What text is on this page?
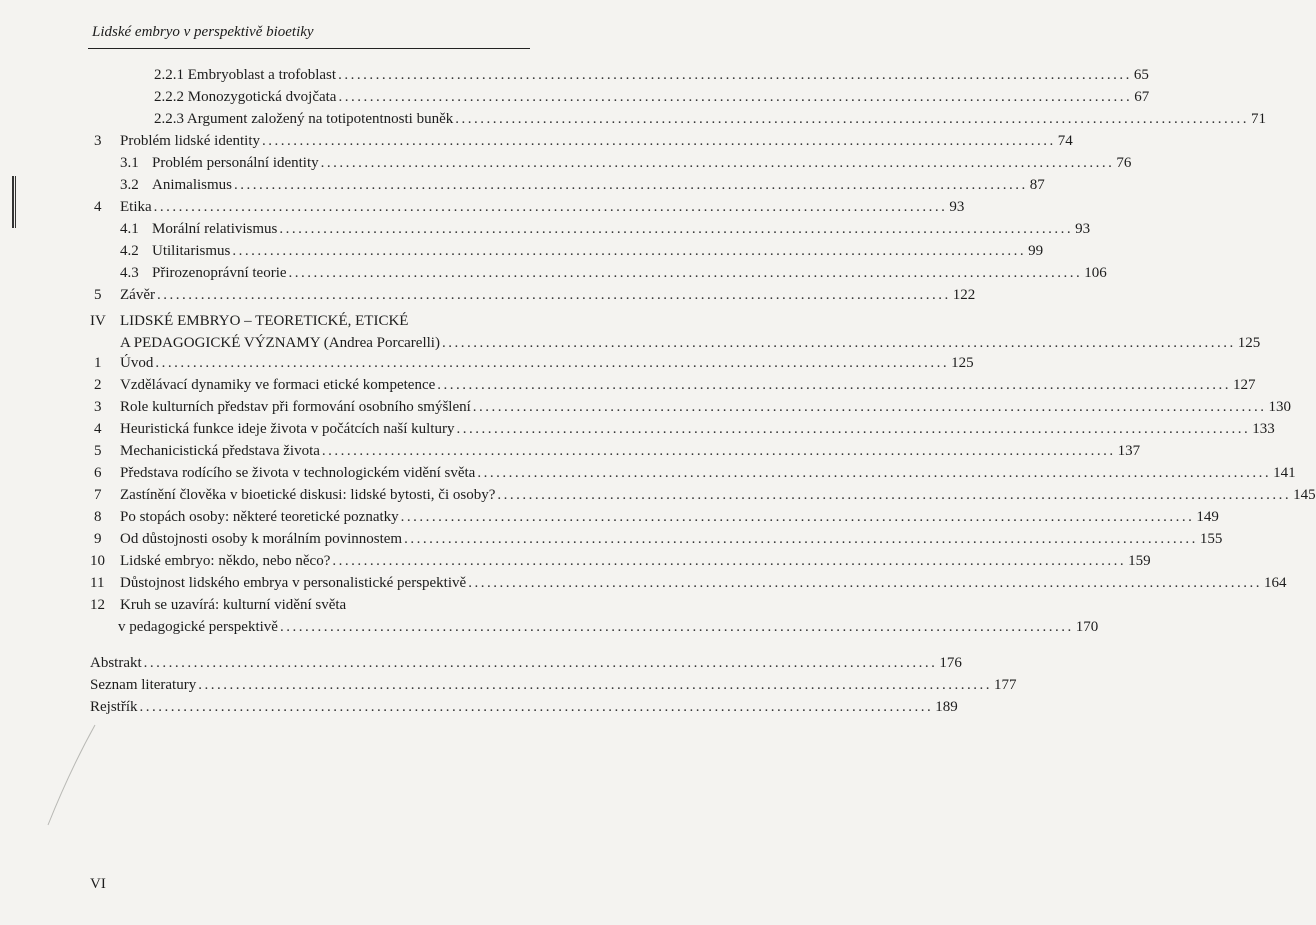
Lidské embryo v perspektivě bioetiky
2.2.1 Embryoblast a trofoblast ............................................................................................................................... 65
2.2.2 Monozygotická dvojčata ............................................................................................................................... 67
2.2.3 Argument založený na totipotentnosti buněk ............................................................................................................................... 71
3 Problém lidské identity ............................................................................................................................... 74
3.1 Problém personální identity ............................................................................................................................... 76
3.2 Animalismus ............................................................................................................................... 87
4 Etika ............................................................................................................................... 93
4.1 Morální relativismus ............................................................................................................................... 93
4.2 Utilitarismus ............................................................................................................................... 99
4.3 Přirozenoprávní teorie ............................................................................................................................... 106
5 Závěr ............................................................................................................................... 122
IV LIDSKÉ EMBRYO – TEORETICKÉ, ETICKÉ
A PEDAGOGICKÉ VÝZNAMY (Andrea Porcarelli) ............................................................................................................................... 125
1 Úvod ............................................................................................................................... 125
2 Vzdělávací dynamiky ve formaci etické kompetence ............................................................................................................................... 127
3 Role kulturních představ při formování osobního smýšlení ............................................................................................................................... 130
4 Heuristická funkce ideje života v počátcích naší kultury ............................................................................................................................... 133
5 Mechanicistická představa života ............................................................................................................................... 137
6 Představa rodícího se života v technologickém vidění světa ............................................................................................................................... 141
7 Zastínění člověka v bioetické diskusi: lidské bytosti, či osoby? ............................................................................................................................... 145
8 Po stopách osoby: některé teoretické poznatky ............................................................................................................................... 149
9 Od důstojnosti osoby k morálním povinnostem ............................................................................................................................... 155
10 Lidské embryo: někdo, nebo něco? ............................................................................................................................... 159
11 Důstojnost lidského embrya v personalistické perspektivě ............................................................................................................................... 164
12 Kruh se uzavírá: kulturní vidění světa
v pedagogické perspektivě ............................................................................................................................... 170
Abstrakt ............................................................................................................................... 176
Seznam literatury ............................................................................................................................... 177
Rejstřík ............................................................................................................................... 189
VI
